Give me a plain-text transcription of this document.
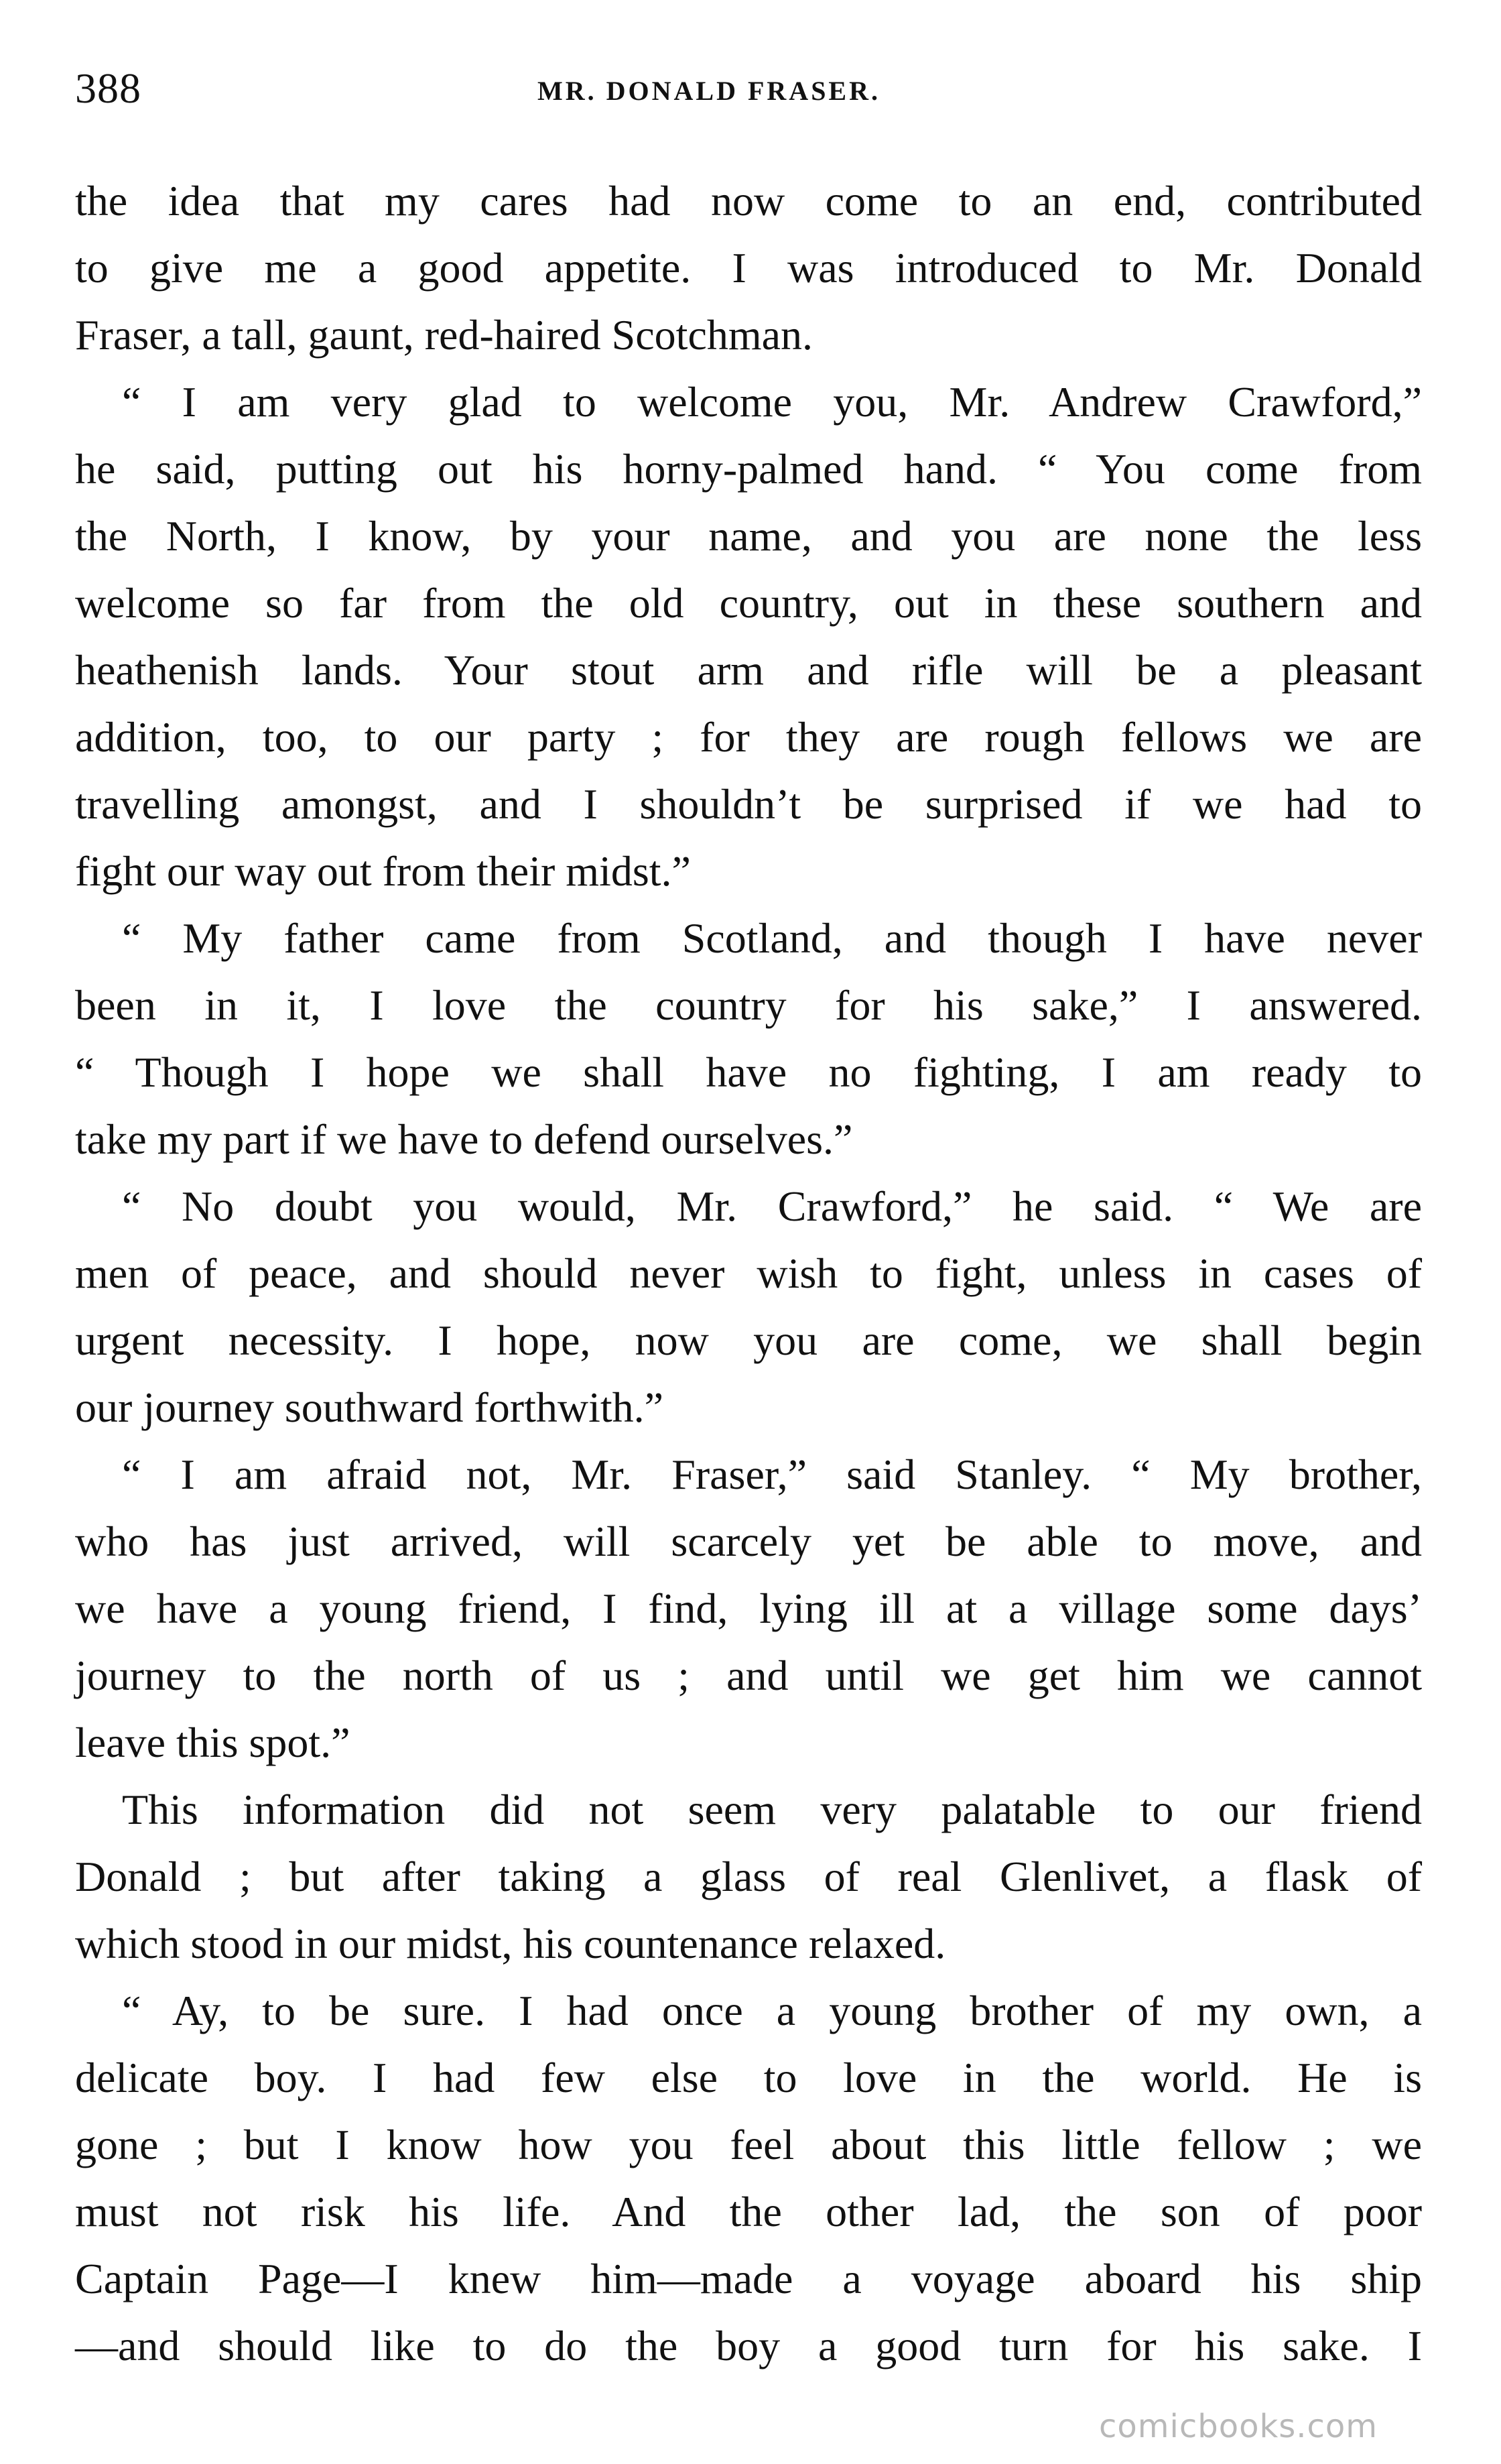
388	MR. DONALD FRASER.
the idea that my cares had now come to an end, contributed
to give me a good appetite. I was introduced to Mr. Donald
Fraser, a tall, gaunt, red-haired Scotchman.
“ I am very glad to welcome you, Mr. Andrew Crawford,”
he said, putting out his horny-palmed hand. “ You come from
the North, I know, by your name, and you are none the less
welcome so far from the old country, out in these southern and
heathenish lands. Your stout arm and rifle will be a pleasant
addition, too, to our party ; for they are rough fellows we are
travelling amongst, and I shouldn’t be surprised if we had to
fight our way out from their midst.”
“ My father came from Scotland, and though I have never
been in it, I love the country for his sake,” I answered.
“ Though I hope we shall have no fighting, I am ready to
take my part if we have to defend ourselves.”
“ No doubt you would, Mr. Crawford,” he said. “ We are
men of peace, and should never wish to fight, unless in cases of
urgent necessity. I hope, now you are come, we shall begin
our journey southward forthwith.”
“ I am afraid not, Mr. Fraser,” said Stanley. “ My brother,
who has just arrived, will scarcely yet be able to move, and
we have a young friend, I find, lying ill at a village some days’
journey to the north of us ; and until we get him we cannot
leave this spot.”
This information did not seem very palatable to our friend
Donald ; but after taking a glass of real Glenlivet, a flask of
which stood in our midst, his countenance relaxed.
“ Ay, to be sure. I had once a young brother of my own, a
delicate boy. I had few else to love in the world. He is
gone ; but I know how you feel about this little fellow ; we
must not risk his life. And the other lad, the son of poor
Captain Page—I knew him—made a voyage aboard his ship
—and should like to do the boy a good turn for his sake. I
comicbooks.com
